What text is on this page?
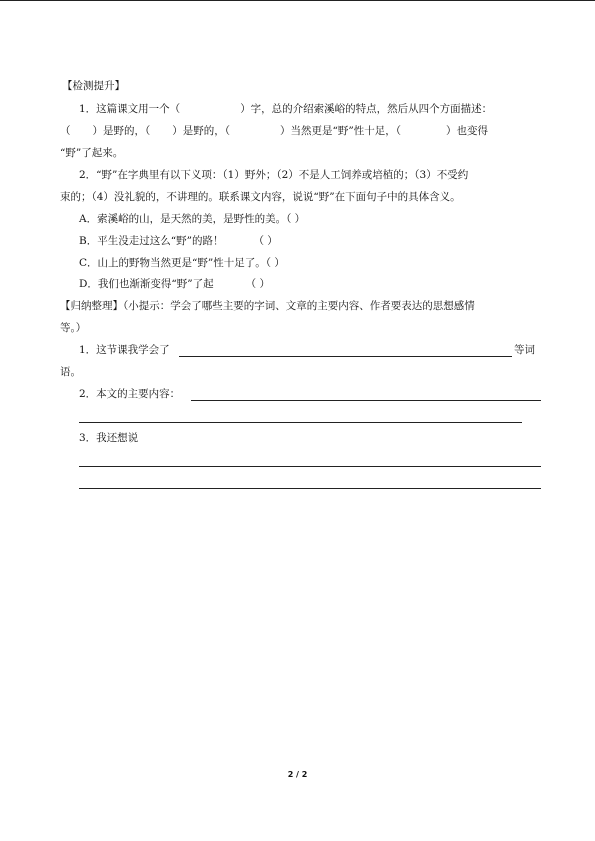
【检测提升】
1．这篇课文用一个（	）字，总的介绍索溪峪的特点，然后从四个方面描述：
（ ）是野的，（ ）是野的，（	）当然更是“野”性十足，（	）也变得
“野”了起来。
2．“野”在字典里有以下义项：（1）野外；（2）不是人工饲养或培植的；（3）不受约
束的；（4）没礼貌的，不讲理的。联系课文内容，说说“野”在下面句子中的具体含义。
A．索溪峪的山，是天然的美，是野性的美。（ ）
B．平生没走过这么“野”的路！	（ ）
C．山上的野物当然更是“野”性十足了。（ ）
D．我们也渐渐变得“野”了起	（ ）
【归纳整理】（小提示：学会了哪些主要的字词、文章的主要内容、作者要表达的思想感情
等。）
1．这节课我学会了	等词
语。
2．本文的主要内容：
3．我还想说
2 / 2
